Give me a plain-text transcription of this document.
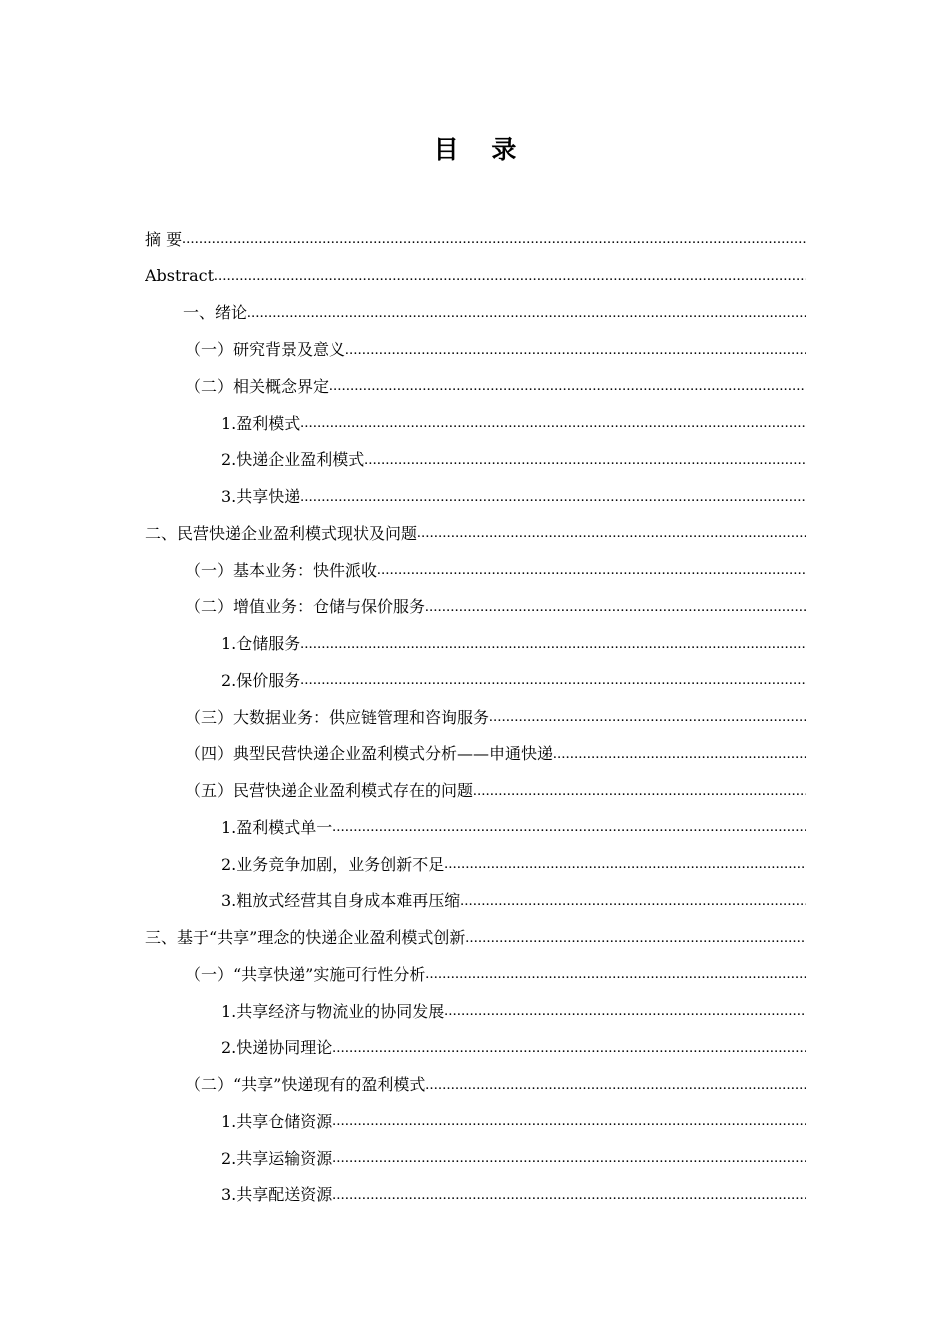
目 录
摘 要
.....
Abstract
.....
一、绪论
.....
（一）研究背景及意义
.....
（二）相关概念界定
.....
1.盈利模式
.....
2.快递企业盈利模式
.....
3.共享快递
.....
二、民营快递企业盈利模式现状及问题
.....
（一）基本业务：快件派收
.....
（二）增值业务：仓储与保价服务
.....
1.仓储服务
.....
2.保价服务
.....
（三）大数据业务：供应链管理和咨询服务
.....
（四）典型民营快递企业盈利模式分析——申通快递
.....
（五）民营快递企业盈利模式存在的问题
.....
1.盈利模式单一
.....
2.业务竞争加剧，业务创新不足
.....
3.粗放式经营其自身成本难再压缩
.....
三、基于“共享”理念的快递企业盈利模式创新
.....
（一）“共享快递”实施可行性分析
.....
1.共享经济与物流业的协同发展
.....
2.快递协同理论
.....
（二）“共享”快递现有的盈利模式
.....
1.共享仓储资源
.....
2.共享运输资源
.....
3.共享配送资源
.....
